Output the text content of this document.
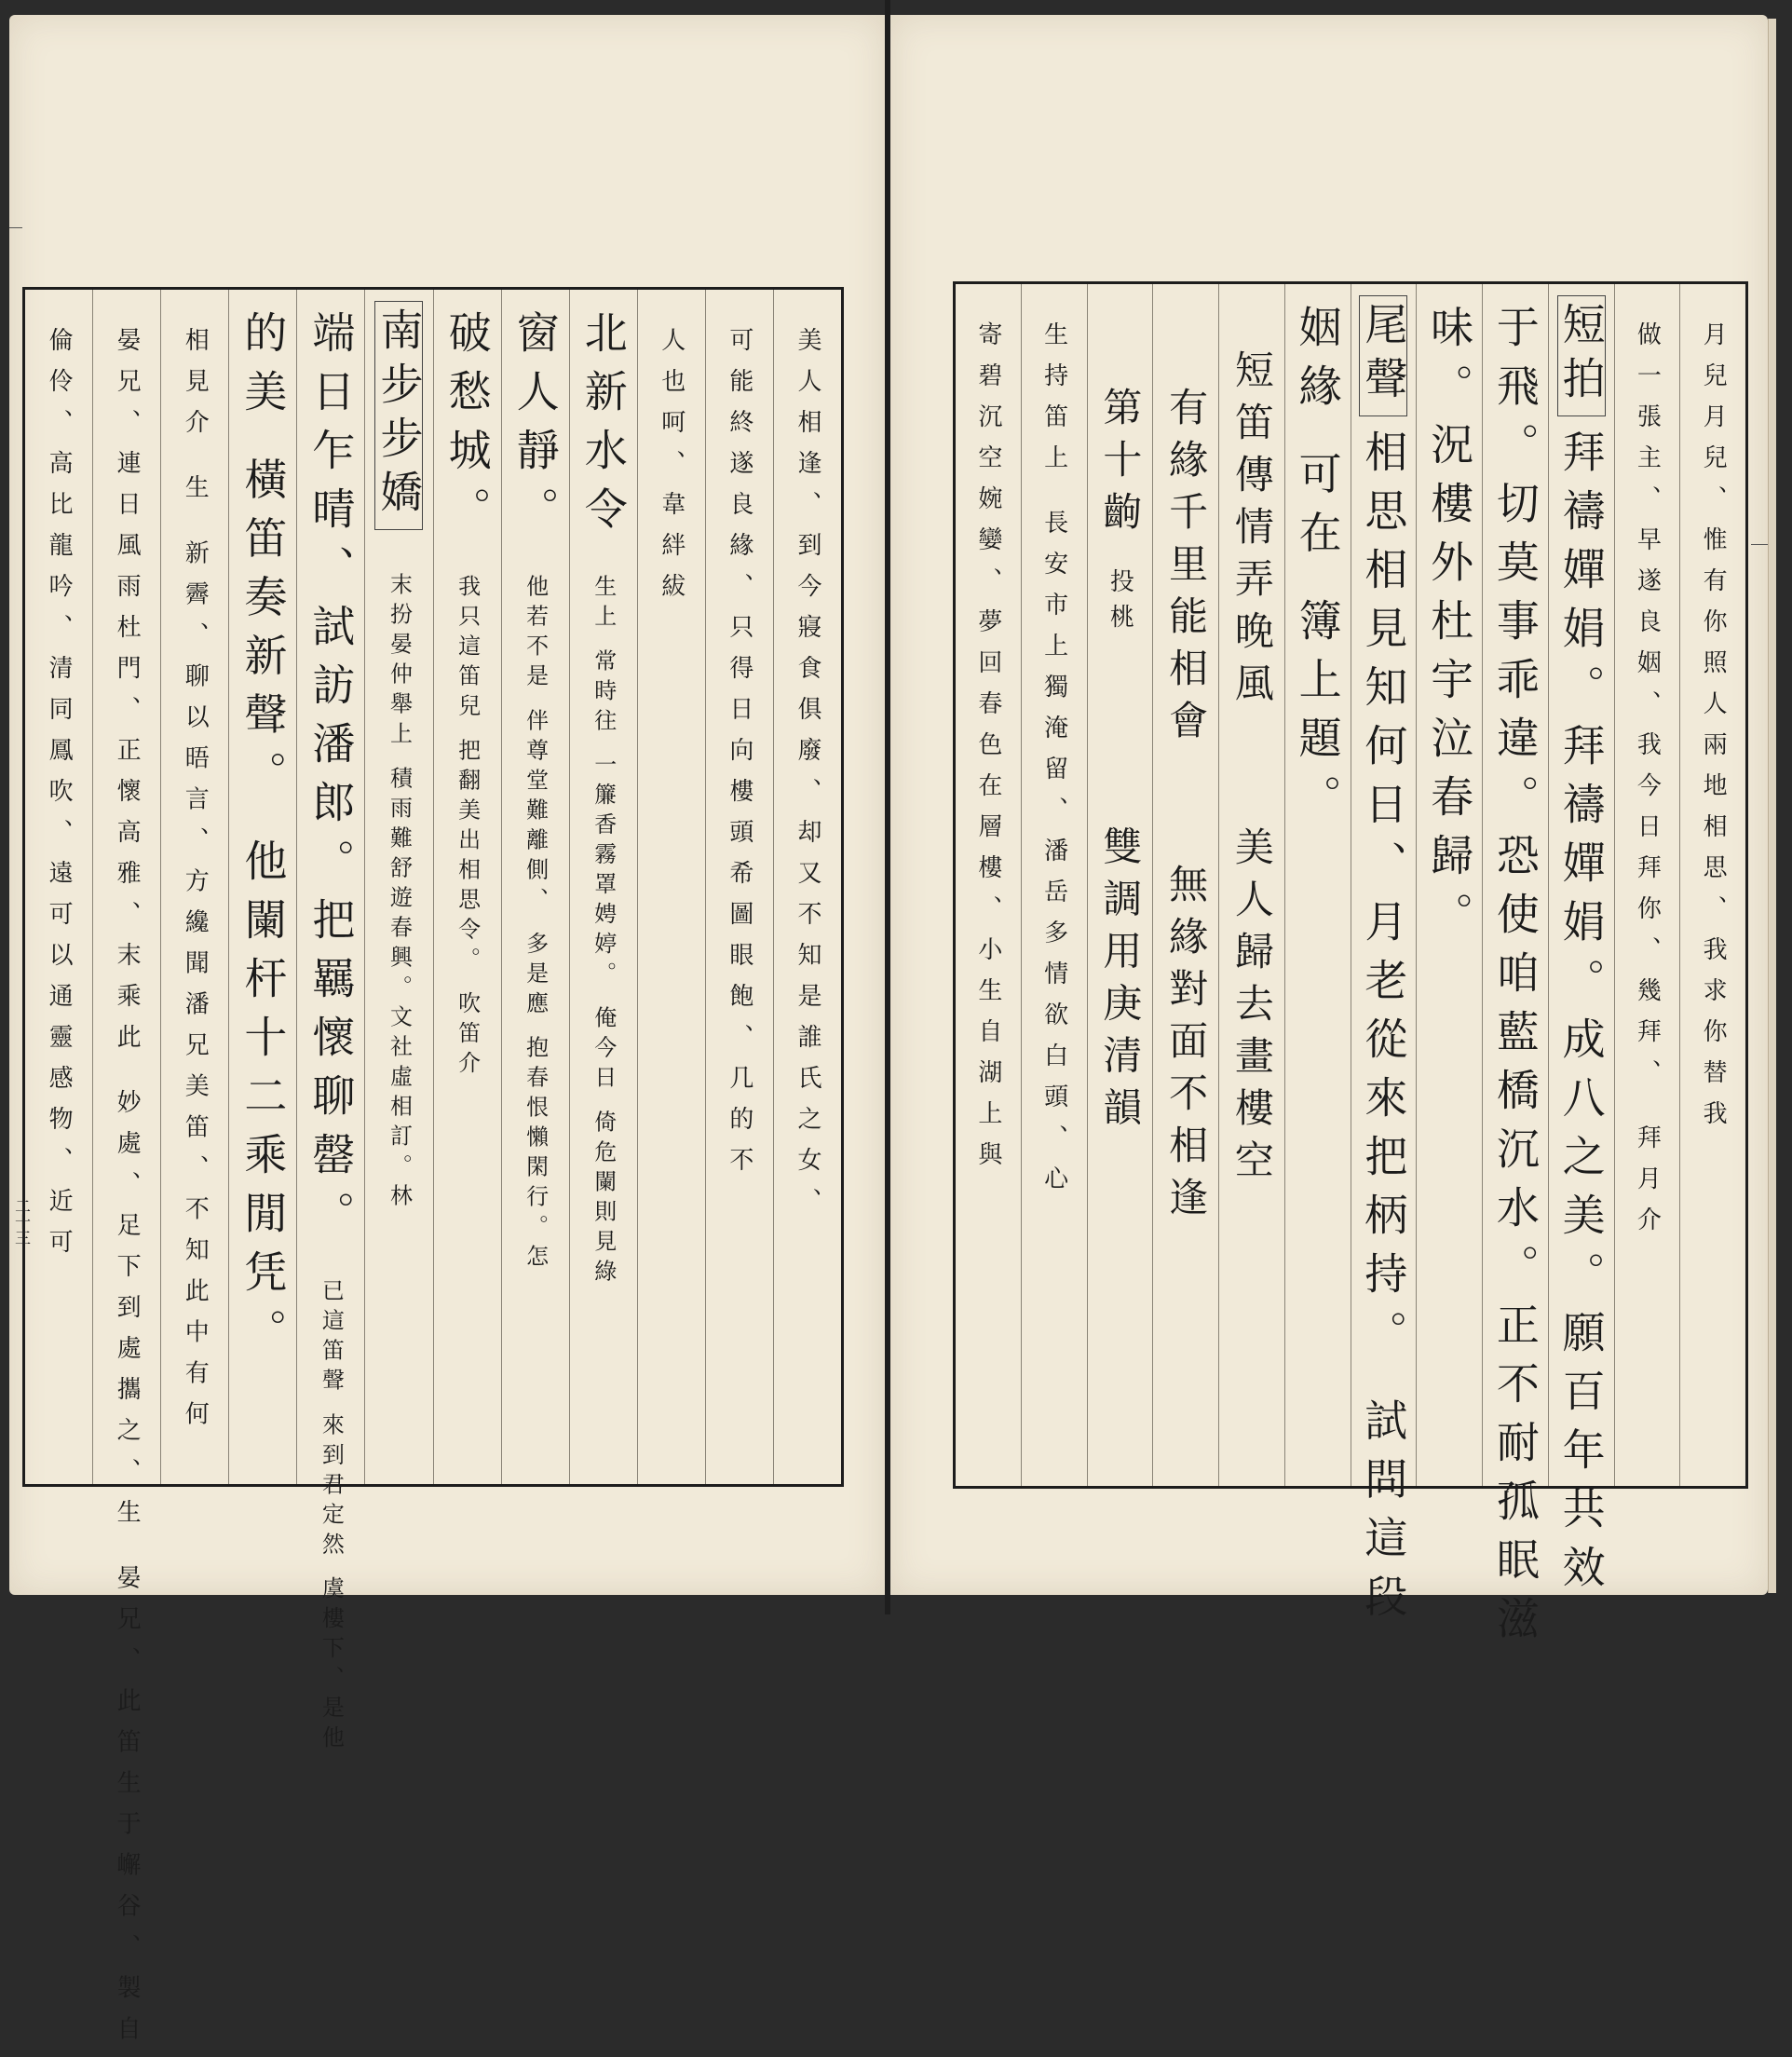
美人相逢、到今寢食俱廢、却又不知是誰氏之女、
可能終遂良緣、只得日向樓頭希圖眼飽、几的不
人也呵、韋絆紱
北新水令 生上 常時往 一簾香霧罩娉婷。 俺今日 倚危闌則見綠
窗人靜。 他若不是 伴尊堂難離側、 多是應 抱春恨懶閑行。怎
破愁城。 我只這笛兒 把翻美出相思令。 吹笛介
南步步嬌 末扮晏仲舉上 積雨難舒遊春興。文社虛相訂。林
端日乍晴、試訪潘郎。把羈懷聊罄。 已這笛聲 來到君定然 虞樓下、是他
的美 橫笛奏新聲。 他闌杆十二乘閒凭。
相見介 生 新霽、聊以晤言、方纔聞潘兄美笛、不知此中有何
晏兄、連日風雨杜門、正懷高雅、末乘此 妙處、足下到處攜之、生 晏兄、此笛生于嶰谷、製自
倫伶、高比龍吟、清同鳳吹、遠可以通靈感物、近可
二十三
月兒月兒、惟有你照人兩地相思、我求你替我
做一張主、早遂良姻、我今日拜你、幾拜、 拜月介
短拍拜禱嬋娟。拜禱嬋娟。成八之美。願百年共效
于飛。切莫事乖違。恐使咱藍橋沉水。正不耐孤眠滋
味。況樓外杜宇泣春歸。
尾聲相思相見知何日、月老從來把柄持。 試問這段
姻緣 可在 簿上題。
短笛傳情弄晚風美人歸去畫樓空
有緣千里能相會無緣對面不相逢
第十齣 投桃雙調用庚清韻
生持笛上 長安市上獨淹留、潘岳多情欲白頭、心
寄碧沉空婉孌、夢回春色在層樓、小生自湖上與
